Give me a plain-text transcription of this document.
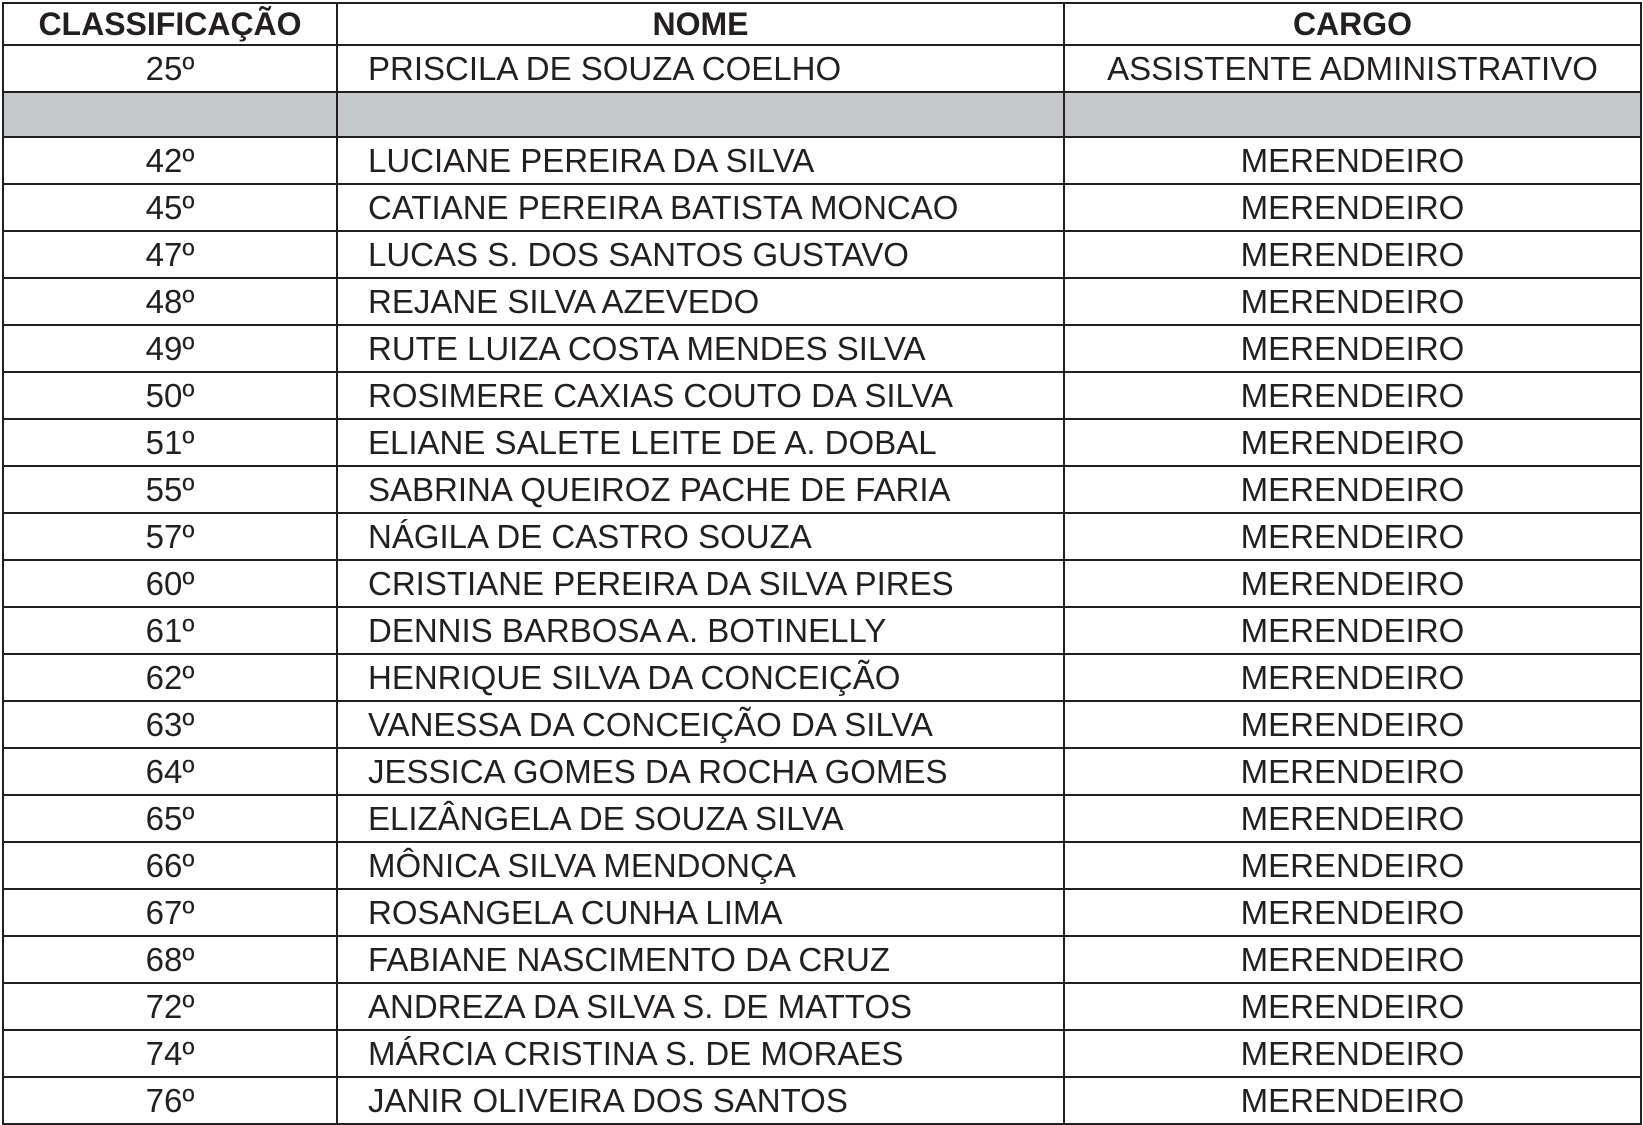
CLASSIFICAÇÃO	NOME	CARGO
25º	PRISCILA DE SOUZA COELHO	ASSISTENTE ADMINISTRATIVO

42º	LUCIANE PEREIRA DA SILVA	MERENDEIRO
45º	CATIANE PEREIRA BATISTA MONCAO	MERENDEIRO
47º	LUCAS S. DOS SANTOS GUSTAVO	MERENDEIRO
48º	REJANE SILVA AZEVEDO	MERENDEIRO
49º	RUTE LUIZA COSTA MENDES SILVA	MERENDEIRO
50º	ROSIMERE CAXIAS COUTO DA SILVA	MERENDEIRO
51º	ELIANE SALETE LEITE DE A. DOBAL	MERENDEIRO
55º	SABRINA QUEIROZ PACHE DE FARIA	MERENDEIRO
57º	NÁGILA DE CASTRO SOUZA	MERENDEIRO
60º	CRISTIANE PEREIRA DA SILVA PIRES	MERENDEIRO
61º	DENNIS BARBOSA A. BOTINELLY	MERENDEIRO
62º	HENRIQUE SILVA DA CONCEIÇÃO	MERENDEIRO
63º	VANESSA DA CONCEIÇÃO DA SILVA	MERENDEIRO
64º	JESSICA GOMES DA ROCHA GOMES	MERENDEIRO
65º	ELIZÂNGELA DE SOUZA SILVA	MERENDEIRO
66º	MÔNICA SILVA MENDONÇA	MERENDEIRO
67º	ROSANGELA CUNHA LIMA	MERENDEIRO
68º	FABIANE NASCIMENTO DA CRUZ	MERENDEIRO
72º	ANDREZA DA SILVA S. DE MATTOS	MERENDEIRO
74º	MÁRCIA CRISTINA S. DE MORAES	MERENDEIRO
76º	JANIR OLIVEIRA DOS SANTOS	MERENDEIRO
